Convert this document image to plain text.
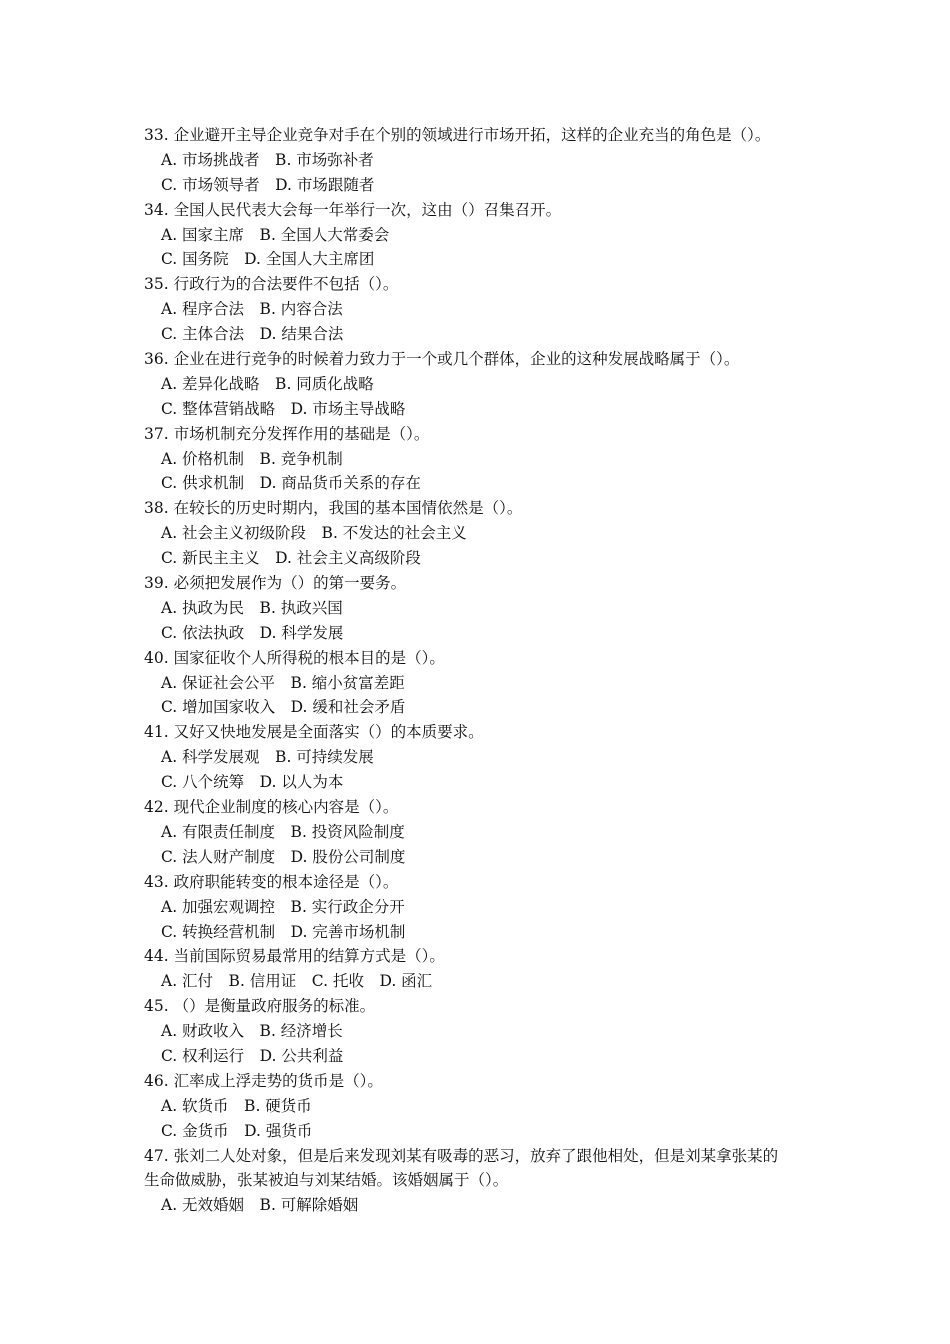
33. 企业避开主导企业竞争对手在个别的领域进行市场开拓，这样的企业充当的角色是（）。
A. 市场挑战者　B. 市场弥补者
C. 市场领导者　D. 市场跟随者
34. 全国人民代表大会每一年举行一次，这由（）召集召开。
A. 国家主席　B. 全国人大常委会
C. 国务院　D. 全国人大主席团
35. 行政行为的合法要件不包括（）。
A. 程序合法　B. 内容合法
C. 主体合法　D. 结果合法
36. 企业在进行竞争的时候着力致力于一个或几个群体，企业的这种发展战略属于（）。
A. 差异化战略　B. 同质化战略
C. 整体营销战略　D. 市场主导战略
37. 市场机制充分发挥作用的基础是（）。
A. 价格机制　B. 竞争机制
C. 供求机制　D. 商品货币关系的存在
38. 在较长的历史时期内，我国的基本国情依然是（）。
A. 社会主义初级阶段　B. 不发达的社会主义
C. 新民主主义　D. 社会主义高级阶段
39. 必须把发展作为（）的第一要务。
A. 执政为民　B. 执政兴国
C. 依法执政　D. 科学发展
40. 国家征收个人所得税的根本目的是（）。
A. 保证社会公平　B. 缩小贫富差距
C. 增加国家收入　D. 缓和社会矛盾
41. 又好又快地发展是全面落实（）的本质要求。
A. 科学发展观　B. 可持续发展
C. 八个统筹　D. 以人为本
42. 现代企业制度的核心内容是（）。
A. 有限责任制度　B. 投资风险制度
C. 法人财产制度　D. 股份公司制度
43. 政府职能转变的根本途径是（）。
A. 加强宏观调控　B. 实行政企分开
C. 转换经营机制　D. 完善市场机制
44. 当前国际贸易最常用的结算方式是（）。
A. 汇付　B. 信用证　C. 托收　D. 函汇
45. （）是衡量政府服务的标准。
A. 财政收入　B. 经济增长
C. 权利运行　D. 公共利益
46. 汇率成上浮走势的货币是（）。
A. 软货币　B. 硬货币
C. 金货币　D. 强货币
47. 张刘二人处对象，但是后来发现刘某有吸毒的恶习，放弃了跟他相处，但是刘某拿张某的
生命做威胁，张某被迫与刘某结婚。该婚姻属于（）。
A. 无效婚姻　B. 可解除婚姻
